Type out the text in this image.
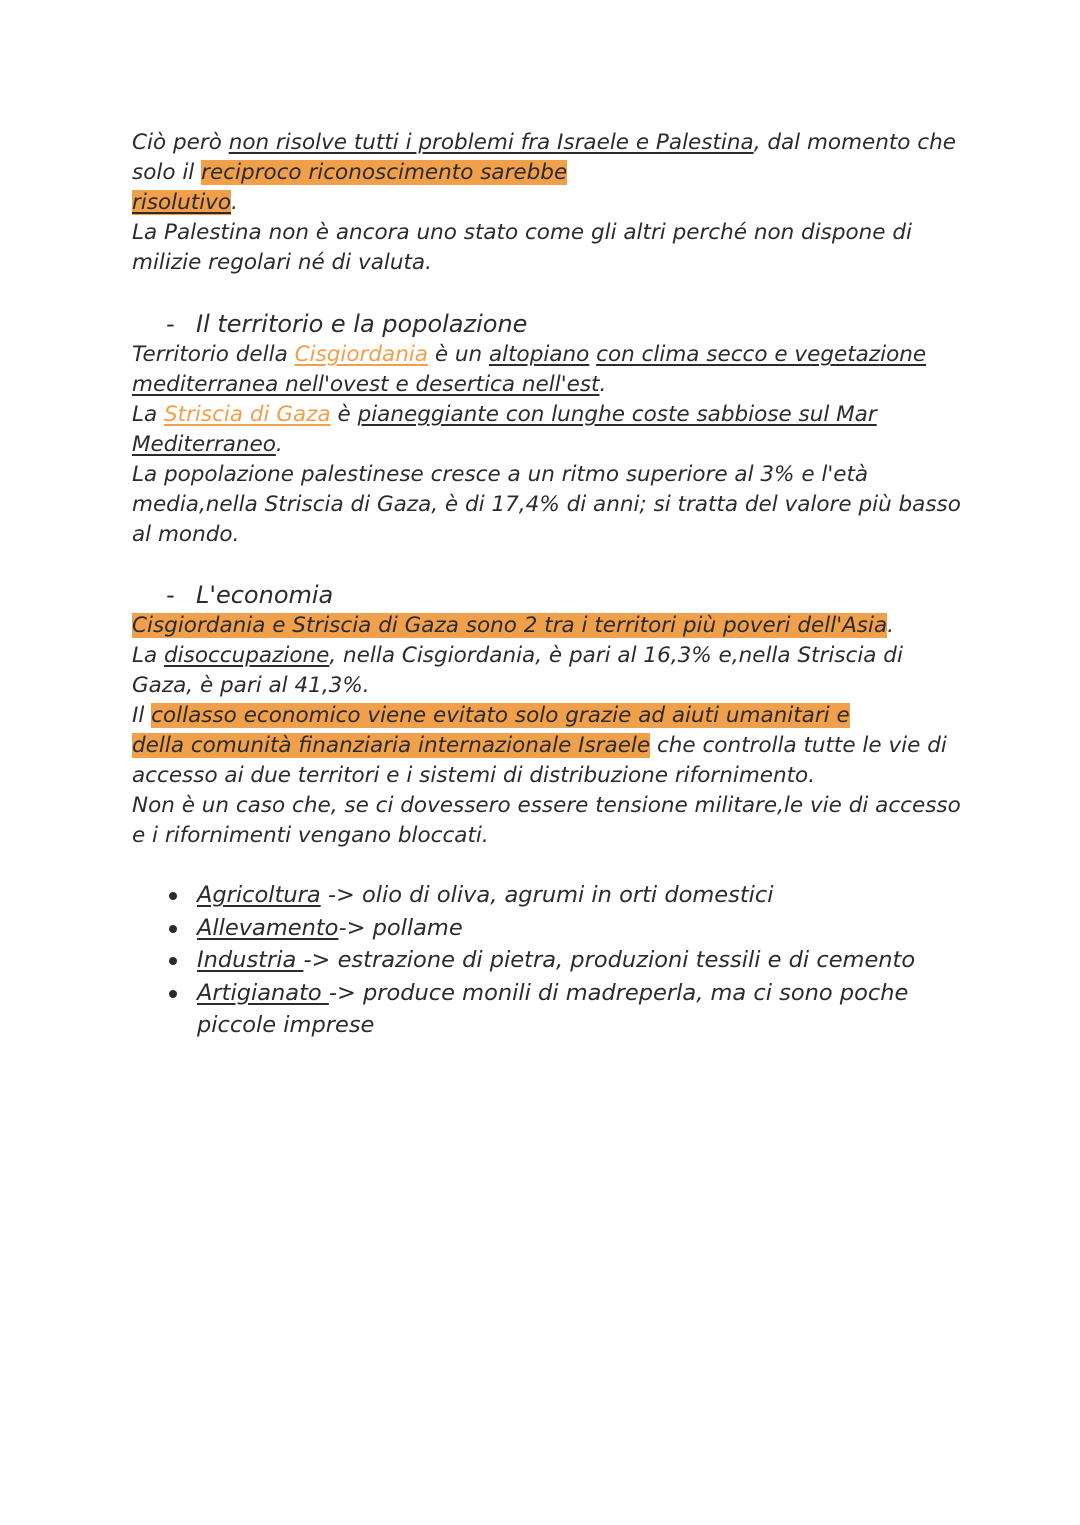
Ciò però non risolve tutti i problemi fra Israele e Palestina, dal momento che solo il reciproco riconoscimento sarebbe
risolutivo.

La Palestina non è ancora uno stato come gli altri perché non dispone di milizie regolari né di valuta.

- Il territorio e la popolazione

Territorio della Cisgiordania è un altopiano con clima secco e vegetazione mediterranea nell'ovest e desertica nell'est.

La Striscia di Gaza è pianeggiante con lunghe coste sabbiose sul Mar Mediterraneo.

La popolazione palestinese cresce a un ritmo superiore al 3% e l'età media,nella Striscia di Gaza, è di 17,4% di anni; si tratta del valore più basso al mondo.

- L'economia

Cisgiordania e Striscia di Gaza sono 2 tra i territori più poveri dell'Asia.

La disoccupazione, nella Cisgiordania, è pari al 16,3% e,nella Striscia di Gaza, è pari al 41,3%.

Il collasso economico viene evitato solo grazie ad aiuti umanitari e
della comunità finanziaria internazionale Israele che controlla tutte le vie di accesso ai due territori e i sistemi di distribuzione rifornimento.

Non è un caso che, se ci dovessero essere tensione militare,le vie di accesso e i rifornimenti vengano bloccati.

Agricoltura -> olio di oliva, agrumi in orti domestici
Allevamento-> pollame
Industria -> estrazione di pietra, produzioni tessili e di cemento
Artigianato -> produce monili di madreperla, ma ci sono poche piccole imprese
